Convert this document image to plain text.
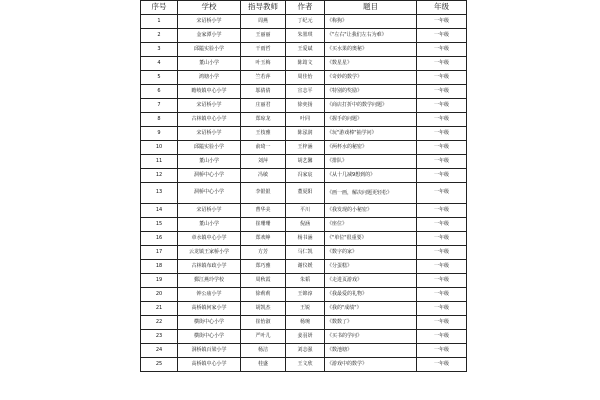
序号	学校	指导教师	作者	题目	年级
1	宋诏桥小学	周燕	丁纪元	《称狗》	一年级
2	金家潭小学	王丽丽	朱墨琪	《"左右"让我们左右为难》	一年级
3	邱隘实验小学	干雨哲	王爱斌	《买水果的奥秘》	一年级
4	董山小学	叶玉梅	陈筠文	《数星星》	一年级
5	鸿塘小学	竺若萍	周佳怡	《奇妙的数学》	一年级
6	瞻岐镇中心小学	邬倩倩	宣志平	《特别的奖励》	一年级
7	宋诏桥小学	庄丽君	徐奕扬	《商店打折中的数学问题》	一年级
8	古林镇中心小学	郑琼龙	叶同	《握手的问题》	一年级
9	宋诏桥小学	王枝雅	陈泓润	《玩"游戏棒"抽学问》	一年级
10	邱隘实验小学	俞琦一	王梓涵	《两杯水的秘密》	一年级
11	董山小学	刘萍	胡艺馨	《排队》	一年级
12	洞桥中心小学	冯敏	冯家宸	《从十几减9想到的》	一年级
13	洞桥中心小学	李银银	董夏阳	《画一画，解决问题更轻松》	一年级
14	宋诏桥小学	曹华美	平川	《我发现的小秘密》	一年级
15	董山小学	崔珊珊	倪涵	《座位》	一年级
16	章水镇中心小学	郑欢峥	杨书涵	《"单位"很重要》	一年级
17	云龙镇王家桥小学	方芳	马仁凯	《数字的家》	一年级
18	古林镇布政小学	郑巧雅	谢仪媛	《分蛋糕》	一年级
19	鄞江燕玲学校	周秋霞	朱韬	《走进页游戏》	一年级
20	钟公庙小学	徐莉莉	王锦淳	《我最爱的礼物》	一年级
21	高桥镇何家小学	胡凯杰	王锐	《我的"成绩"》	一年级
22	横街中心小学	崔怡淑	杨琬	《数数了》	一年级
23	横街中心小学	严叶儿	姜羽妍	《买书的学问》	一年级
24	洞桥镇百梁小学	杨洁	刘志强	《数池塘》	一年级
25	高桥镇中心小学	桂盛	王文欣	《游戏中的数学》	一年级
